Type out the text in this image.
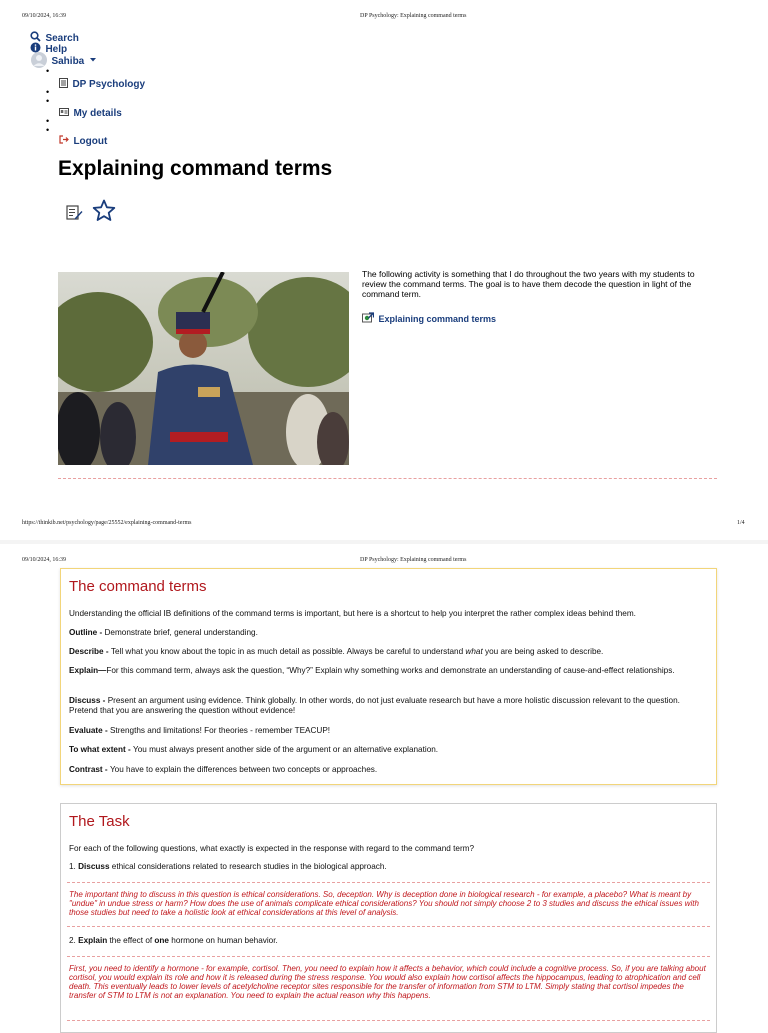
09/10/2024, 16:39	DP Psychology: Explaining command terms
Search
Help
Sahiba
•
DP Psychology
•
•
My details
•
•
Logout
Explaining command terms
The following activity is something that I do throughout the two years with my students to review the command terms. The goal is to have them decode the question in light of the command term.
Explaining command terms
https://thinkib.net/psychology/page/25552/explaining-command-terms	1/4
09/10/2024, 16:39	DP Psychology: Explaining command terms
The command terms
Understanding the official IB definitions of the command terms is important, but here is a shortcut to help you interpret the rather complex ideas behind them.
Outline - Demonstrate brief, general understanding.
Describe - Tell what you know about the topic in as much detail as possible. Always be careful to understand what you are being asked to describe.
Explain—For this command term, always ask the question, “Why?” Explain why something works and demonstrate an understanding of cause-and-effect relationships.
Discuss - Present an argument using evidence. Think globally. In other words, do not just evaluate research but have a more holistic discussion relevant to the question. Pretend that you are answering the question without evidence!
Evaluate - Strengths and limitations! For theories - remember TEACUP!
To what extent - You must always present another side of the argument or an alternative explanation.
Contrast - You have to explain the differences between two concepts or approaches.
The Task
For each of the following questions, what exactly is expected in the response with regard to the command term?
1. Discuss ethical considerations related to research studies in the biological approach.
The important thing to discuss in this question is ethical considerations. So, deception. Why is deception done in biological research - for example, a placebo? What is meant by "undue" in undue stress or harm? How does the use of animals complicate ethical considerations? You should not simply choose 2 to 3 studies and discuss the ethical issues with those studies but need to take a holistic look at ethical considerations at this level of analysis.
2. Explain the effect of one hormone on human behavior.
First, you need to identify a hormone - for example, cortisol. Then, you need to explain how it affects a behavior, which could include a cognitive process. So, if you are talking about cortisol, you would explain its role and how it is released during the stress response. You would also explain how cortisol affects the hippocampus, leading to atrophication and cell death. This eventually leads to lower levels of acetylcholine receptor sites responsible for the transfer of information from STM to LTM. Simply stating that cortisol impedes the transfer of STM to LTM is not an explanation. You need to explain the actual reason why this happens.
